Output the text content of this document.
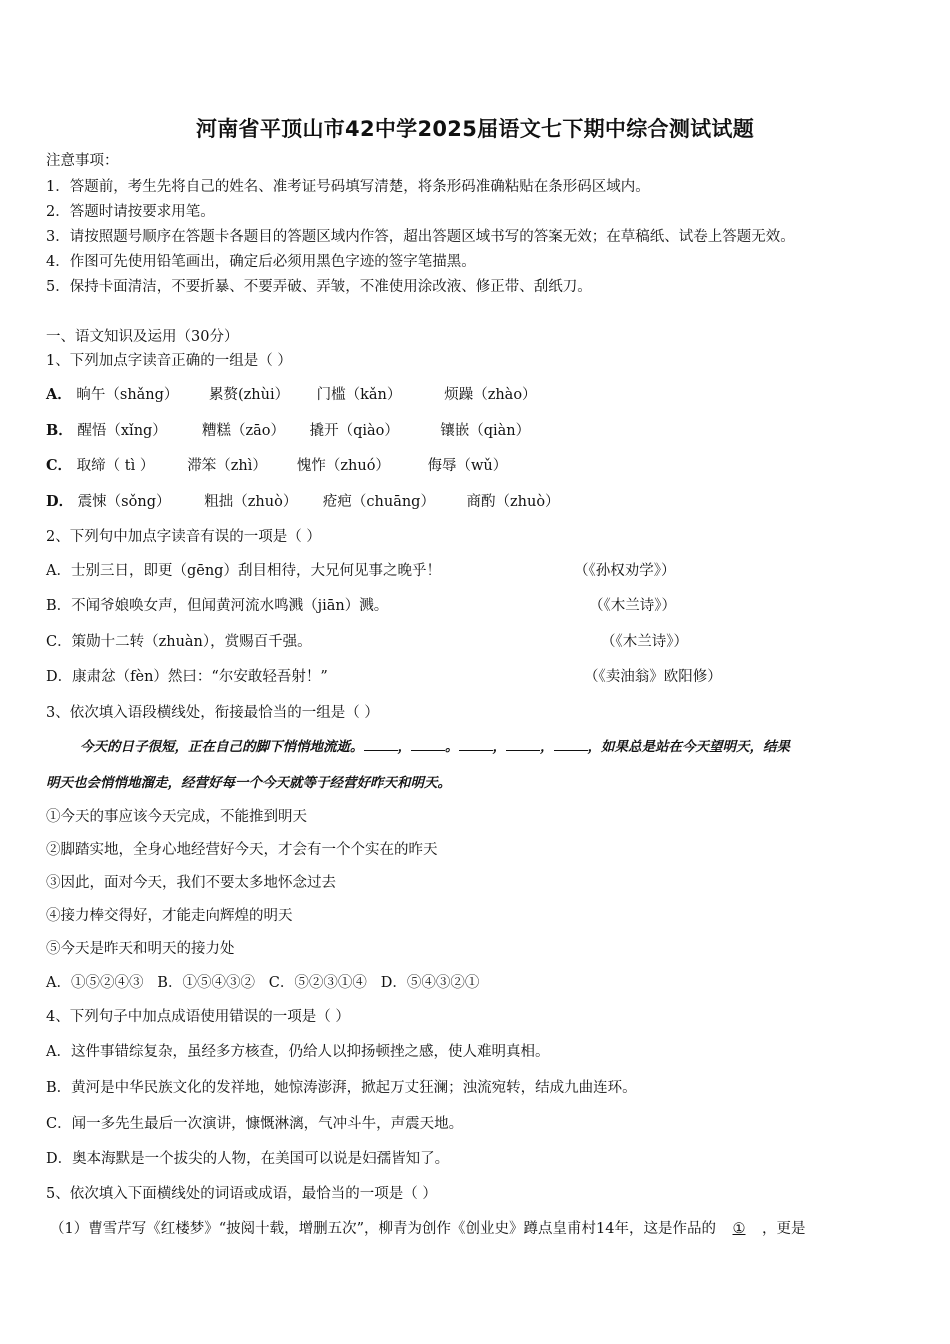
河南省平顶山市42中学2025届语文七下期中综合测试试题
注意事项：
1．答题前，考生先将自己的姓名、准考证号码填写清楚，将条形码准确粘贴在条形码区域内。
2．答题时请按要求用笔。
3．请按照题号顺序在答题卡各题目的答题区域内作答，超出答题区域书写的答案无效；在草稿纸、试卷上答题无效。
4．作图可先使用铅笔画出，确定后必须用黑色字迹的签字笔描黑。
5．保持卡面清洁，不要折暴、不要弄破、弄皱，不准使用涂改液、修正带、刮纸刀。
一、语文知识及运用（30分）
1、下列加点字读音正确的一组是（ ）
A． 晌午（shǎng） 累赘(zhùi） 门槛（kǎn）	烦躁（zhào）
B． 醒悟（xǐng） 糟糕（zāo） 撬开（qiào）	镶嵌（qiàn）
C． 取缔（ tì ） 滞笨（zhì） 愧怍（zhuó）	侮辱（wǔ）
D． 震悚（sǒng） 粗拙（zhuò） 疮疤（chuāng） 商酌（zhuò）
2、下列句中加点字读音有误的一项是（ ）
A．士别三日，即更（gēng）刮目相待，大兄何见事之晚乎！	（《孙权劝学》）
B．不闻爷娘唤女声，但闻黄河流水鸣溅（jiān）溅。	（《木兰诗》）
C．策勋十二转（zhuàn），赏赐百千强。	（《木兰诗》）
D．康肃忿（fèn）然曰：“尔安敢轻吾射！”	（《卖油翁》欧阳修）
3、依次填入语段横线处，衔接最恰当的一组是（ ）
今天的日子很短，正在自己的脚下悄悄地流逝。	，	。	，	，	，如果总是站在今天望明天，结果
明天也会悄悄地溜走，经营好每一个今天就等于经营好昨天和明天。
①今天的事应该今天完成，不能推到明天
②脚踏实地，全身心地经营好今天，才会有一个个实在的昨天
③因此，面对今天，我们不要太多地怀念过去
④接力棒交得好，才能走向辉煌的明天
⑤今天是昨天和明天的接力处
A．①⑤②④③   B．①⑤④③②   C．⑤②③①④   D．⑤④③②①
4、下列句子中加点成语使用错误的一项是（ ）
A．这件事错综复杂，虽经多方核查，仍给人以抑扬顿挫之感，使人难明真相。
B．黄河是中华民族文化的发祥地，她惊涛澎湃，掀起万丈狂澜；浊流宛转，结成九曲连环。
C．闻一多先生最后一次演讲，慷慨淋漓，气冲斗牛，声震天地。
D．奥本海默是一个拔尖的人物，在美国可以说是妇孺皆知了。
5、依次填入下面横线处的词语或成语，最恰当的一项是（ ）
（1）曹雪芹写《红楼梦》“披阅十载，增删五次”，柳青为创作《创业史》蹲点皇甫村14年，这是作品的 ① ，更是
